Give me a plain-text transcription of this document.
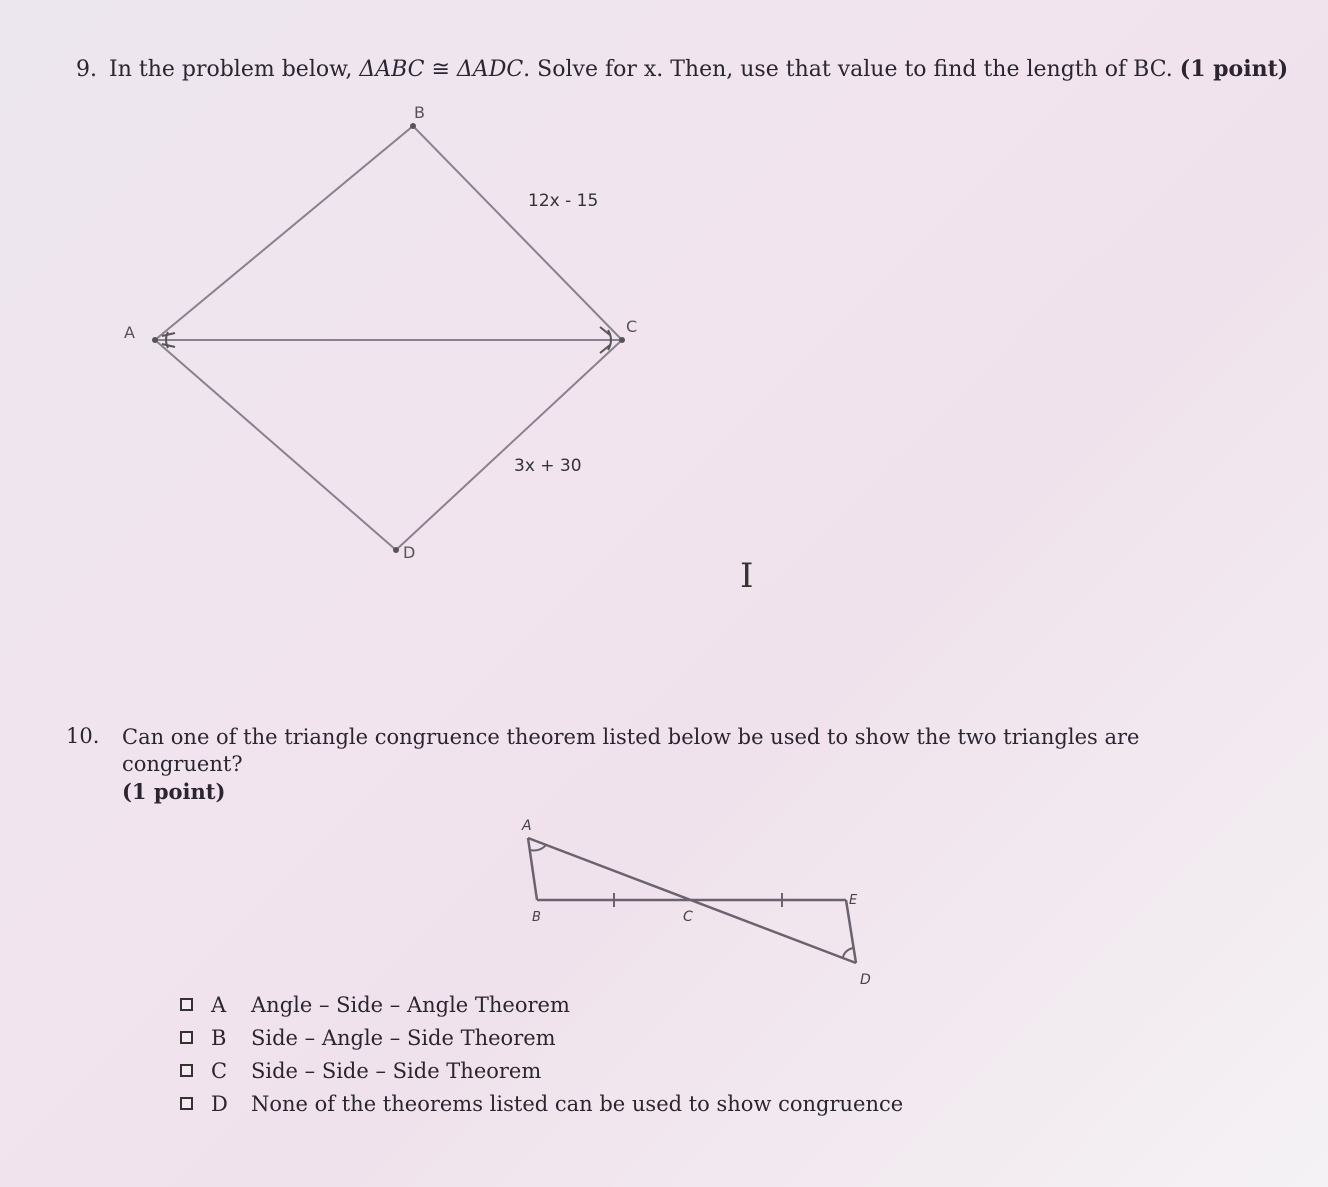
9. In the problem below, ΔABC ≅ ΔADC. Solve for x. Then, use that value to find the length of BC. (1 point)
B
A	C
D
12x - 15
3x + 30
A
B	C
E
D
I
10. Can one of the triangle congruence theorem listed below be used to show the two triangles are congruent?
(1 point)
A	Angle – Side – Angle Theorem
B	Side – Angle – Side Theorem
C	Side – Side – Side Theorem
D	None of the theorems listed can be used to show congruence
